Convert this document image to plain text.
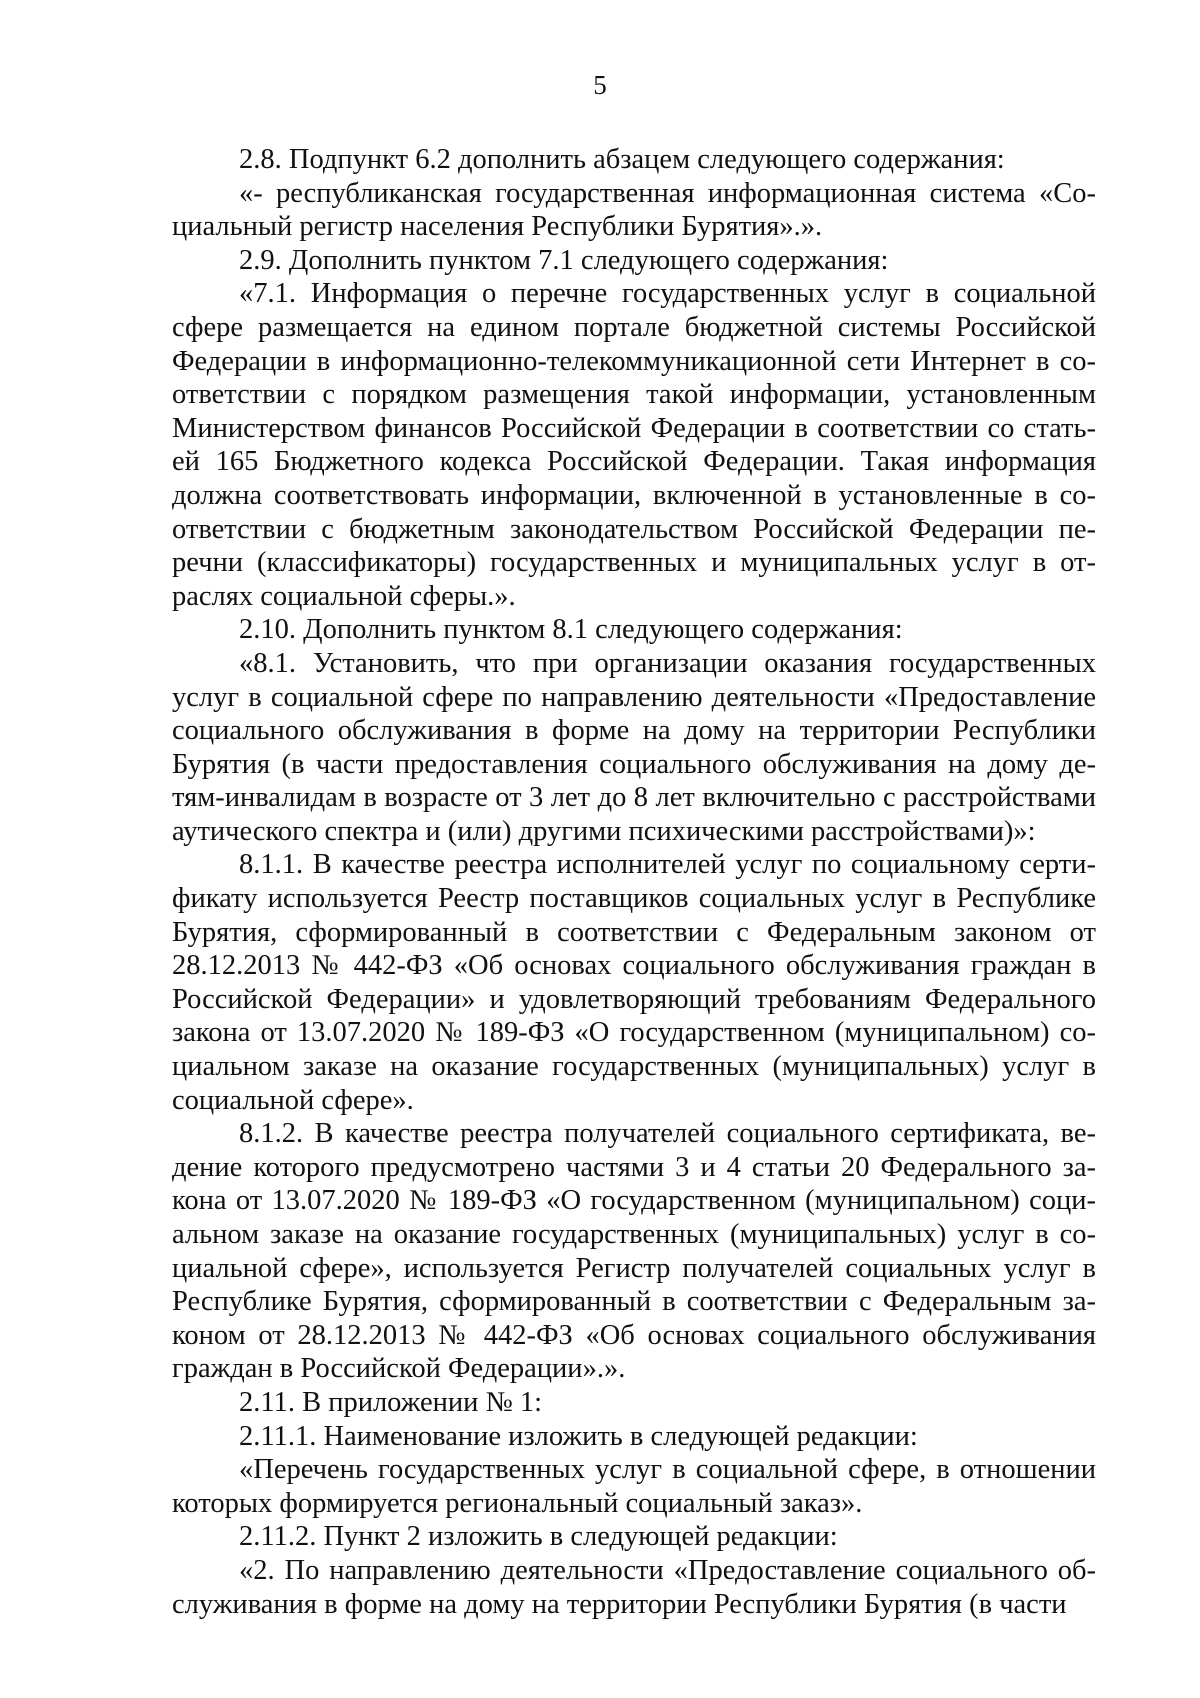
5

2.8. Подпункт 6.2 дополнить абзацем следующего содержания:

«- республиканская государственная информационная система «Социальный регистр населения Республики Бурятия».».

2.9. Дополнить пунктом 7.1 следующего содержания:

«7.1. Информация о перечне государственных услуг в социальной сфере размещается на едином портале бюджетной системы Российской Федерации в информационно-телекоммуникационной сети Интернет в соответствии с порядком размещения такой информации, установленным Министерством финансов Российской Федерации в соответствии со статьей 165 Бюджетного кодекса Российской Федерации. Такая информация должна соответствовать информации, включенной в установленные в соответствии с бюджетным законодательством Российской Федерации перечни (классификаторы) государственных и муниципальных услуг в отраслях социальной сферы.».

2.10. Дополнить пунктом 8.1 следующего содержания:

«8.1. Установить, что при организации оказания государственных услуг в социальной сфере по направлению деятельности «Предоставление социального обслуживания в форме на дому на территории Республики Бурятия (в части предоставления социального обслуживания на дому детям-инвалидам в возрасте от 3 лет до 8 лет включительно с расстройствами аутического спектра и (или) другими психическими расстройствами)»:

8.1.1. В качестве реестра исполнителей услуг по социальному сертификату используется Реестр поставщиков социальных услуг в Республике Бурятия, сформированный в соответствии с Федеральным законом от 28.12.2013 № 442-ФЗ «Об основах социального обслуживания граждан в Российской Федерации» и удовлетворяющий требованиям Федерального закона от 13.07.2020 № 189-ФЗ «О государственном (муниципальном) социальном заказе на оказание государственных (муниципальных) услуг в социальной сфере».

8.1.2. В качестве реестра получателей социального сертификата, ведение которого предусмотрено частями 3 и 4 статьи 20 Федерального закона от 13.07.2020 № 189-ФЗ «О государственном (муниципальном) социальном заказе на оказание государственных (муниципальных) услуг в социальной сфере», используется Регистр получателей социальных услуг в Республике Бурятия, сформированный в соответствии с Федеральным законом от 28.12.2013 № 442-ФЗ «Об основах социального обслуживания граждан в Российской Федерации».».

2.11. В приложении № 1:

2.11.1. Наименование изложить в следующей редакции:

«Перечень государственных услуг в социальной сфере, в отношении которых формируется региональный социальный заказ».

2.11.2. Пункт 2 изложить в следующей редакции:

«2. По направлению деятельности «Предоставление социального обслуживания в форме на дому на территории Республики Бурятия (в части
